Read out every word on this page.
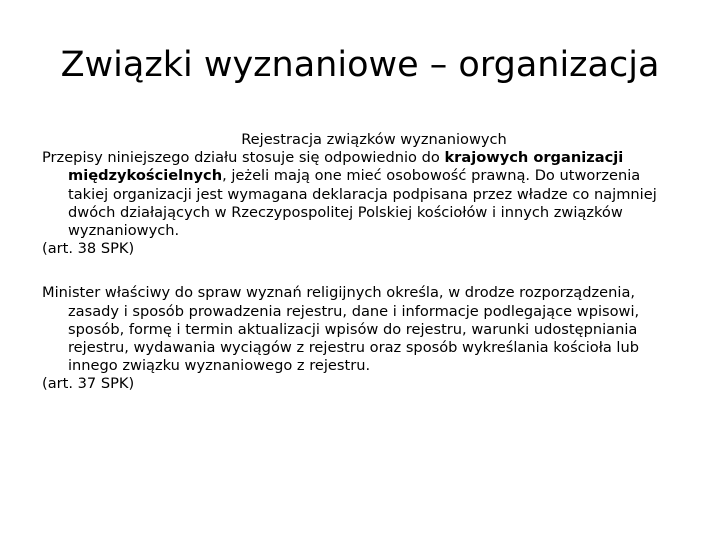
Związki wyznaniowe – organizacja

Rejestracja związków wyznaniowych

Przepisy niniejszego działu stosuje się odpowiednio do krajowych organizacji międzykościelnych, jeżeli mają one mieć osobowość prawną. Do utworzenia takiej organizacji jest wymagana deklaracja podpisana przez władze co najmniej dwóch działających w Rzeczypospolitej Polskiej kościołów i innych związków wyznaniowych.

(art. 38 SPK)

Minister właściwy do spraw wyznań religijnych określa, w drodze rozporządzenia, zasady i sposób prowadzenia rejestru, dane i informacje podlegające wpisowi, sposób, formę i termin aktualizacji wpisów do rejestru, warunki udostępniania rejestru, wydawania wyciągów z rejestru oraz sposób wykreślania kościoła lub innego związku wyznaniowego z rejestru.

(art. 37 SPK)
